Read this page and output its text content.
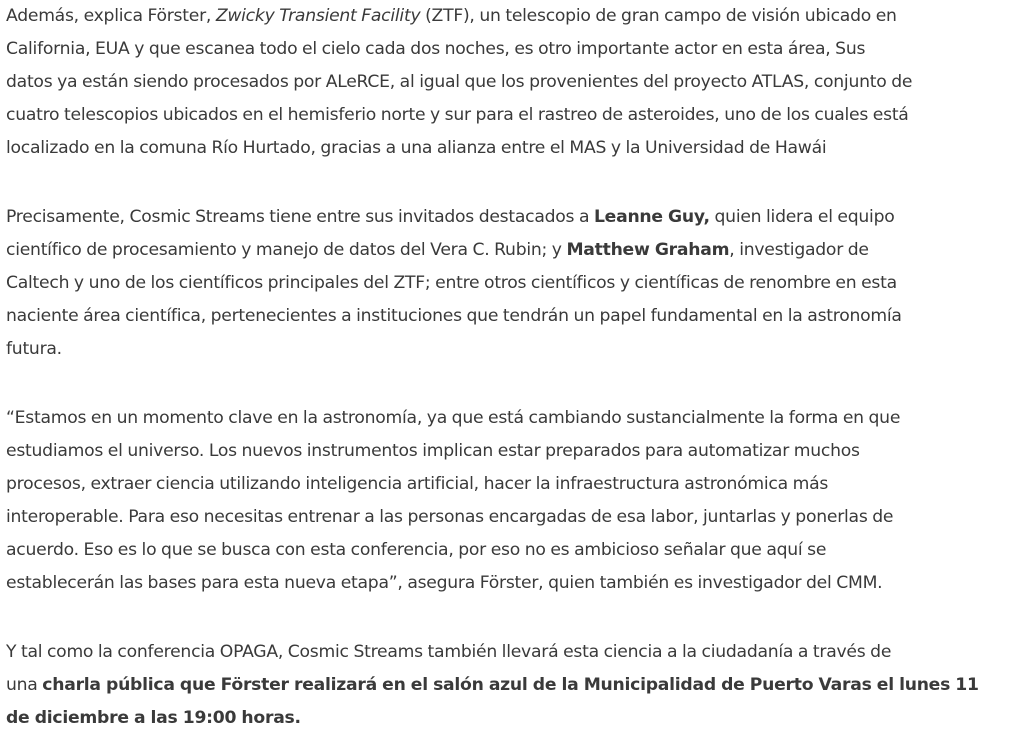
Además, explica Förster, Zwicky Transient Facility (ZTF), un telescopio de gran campo de visión ubicado en
California, EUA y que escanea todo el cielo cada dos noches, es otro importante actor en esta área, Sus
datos ya están siendo procesados por ALeRCE, al igual que los provenientes del proyecto ATLAS, conjunto de
cuatro telescopios ubicados en el hemisferio norte y sur para el rastreo de asteroides, uno de los cuales está
localizado en la comuna Río Hurtado, gracias a una alianza entre el MAS y la Universidad de Hawái

Precisamente, Cosmic Streams tiene entre sus invitados destacados a Leanne Guy, quien lidera el equipo
científico de procesamiento y manejo de datos del Vera C. Rubin; y Matthew Graham, investigador de
Caltech y uno de los científicos principales del ZTF; entre otros científicos y científicas de renombre en esta
naciente área científica, pertenecientes a instituciones que tendrán un papel fundamental en la astronomía
futura.

“Estamos en un momento clave en la astronomía, ya que está cambiando sustancialmente la forma en que
estudiamos el universo. Los nuevos instrumentos implican estar preparados para automatizar muchos
procesos, extraer ciencia utilizando inteligencia artificial, hacer la infraestructura astronómica más
interoperable. Para eso necesitas entrenar a las personas encargadas de esa labor, juntarlas y ponerlas de
acuerdo. Eso es lo que se busca con esta conferencia, por eso no es ambicioso señalar que aquí se
establecerán las bases para esta nueva etapa”, asegura Förster, quien también es investigador del CMM.

Y tal como la conferencia OPAGA, Cosmic Streams también llevará esta ciencia a la ciudadanía a través de
una charla pública que Förster realizará en el salón azul de la Municipalidad de Puerto Varas el lunes 11
de diciembre a las 19:00 horas.
